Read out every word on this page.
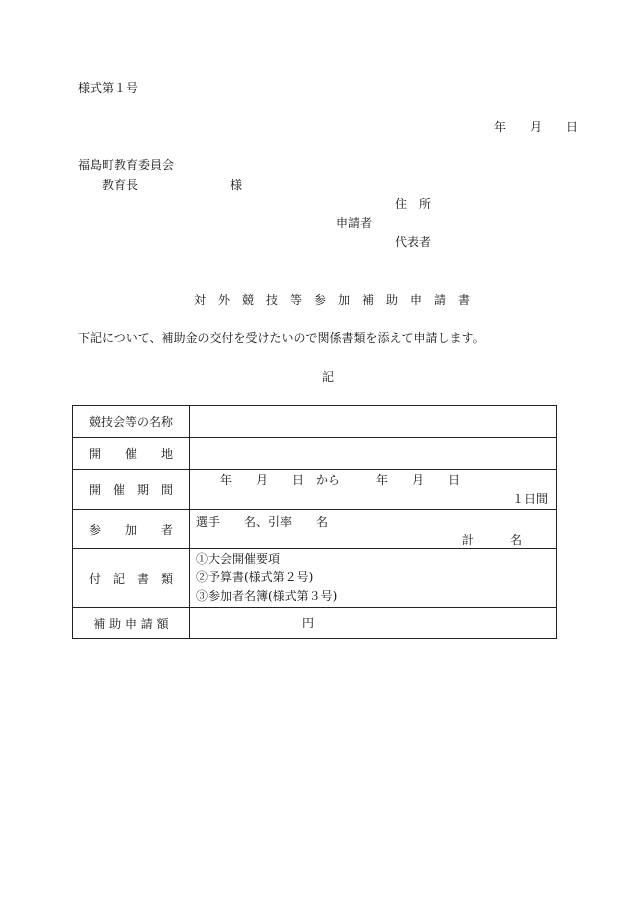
様式第１号
年　　月　　日
福島町教育委員会
教育長	様
住　所
申請者
代表者
対　外　競　技　等　参　加　補　助　申　請　書
下記について、補助金の交付を受けたいので関係書類を添えて申請します。
記
競技会等の名称	
開　　催　　地	
開　催　期　間	年　　月　　日　から　　　年　　月　　日
１日間

参　　加　　者	選手　　名、引率　　名
計　　　名

付　記　書　類	①大会開催要項
②予算書(様式第２号)
③参加者名簿(様式第３号)

補 助 申 請 額	円
